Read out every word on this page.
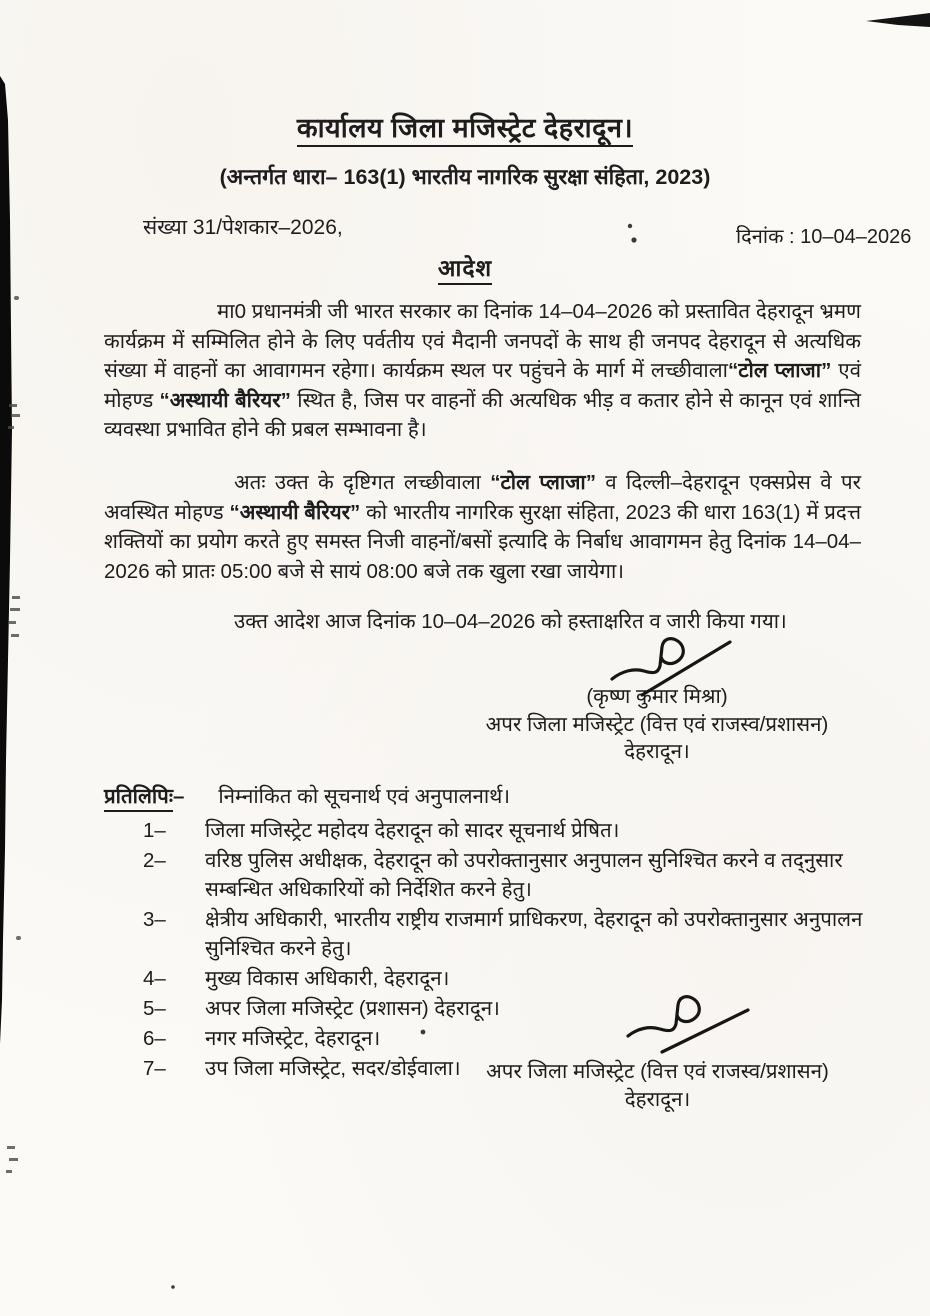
कार्यालय जिला मजिस्ट्रेट देहरादून।
(अन्तर्गत धारा– 163(1) भारतीय नागरिक सुरक्षा संहिता, 2023)
संख्या 31/पेशकार–2026,	दिनांक : 10–04–2026
आदेश

मा0 प्रधानमंत्री जी भारत सरकार का दिनांक 14–04–2026 को प्रस्तावित देहरादून भ्रमण कार्यक्रम में सम्मिलित होने के लिए पर्वतीय एवं मैदानी जनपदों के साथ ही जनपद देहरादून से अत्यधिक संख्या में वाहनों का आवागमन रहेगा। कार्यक्रम स्थल पर पहुंचने के मार्ग में लच्छीवाला“टोल प्लाजा” एवं मोहण्ड “अस्थायी बैरियर” स्थित है, जिस पर वाहनों की अत्यधिक भीड़ व कतार होने से कानून एवं शान्ति व्यवस्था प्रभावित होने की प्रबल सम्भावना है।

अतः उक्त के दृष्टिगत लच्छीवाला “टोल प्लाजा” व दिल्ली–देहरादून एक्सप्रेस वे पर अवस्थित मोहण्ड “अस्थायी बैरियर” को भारतीय नागरिक सुरक्षा संहिता, 2023 की धारा 163(1) में प्रदत्त शक्तियों का प्रयोग करते हुए समस्त निजी वाहनों/बसों इत्यादि के निर्बाध आवागमन हेतु दिनांक 14–04–2026 को प्रातः 05:00 बजे से सायं 08:00 बजे तक खुला रखा जायेगा।

उक्त आदेश आज दिनांक 10–04–2026 को हस्ताक्षरित व जारी किया गया।

(कृष्ण कुमार मिश्रा)
अपर जिला मजिस्ट्रेट (वित्त एवं राजस्व/प्रशासन)
देहरादून।
प्रतिलिपिः– निम्नांकित को सूचनार्थ एवं अनुपालनार्थ।
1–	जिला मजिस्ट्रेट महोदय देहरादून को सादर सूचनार्थ प्रेषित।
2–	वरिष्ठ पुलिस अधीक्षक, देहरादून को उपरोक्तानुसार अनुपालन सुनिश्चित करने व तद्नुसार सम्बन्धित अधिकारियों को निर्देशित करने हेतु।
3–	क्षेत्रीय अधिकारी, भारतीय राष्ट्रीय राजमार्ग प्राधिकरण, देहरादून को उपरोक्तानुसार अनुपालन सुनिश्चित करने हेतु।
4–	मुख्य विकास अधिकारी, देहरादून।
5–	अपर जिला मजिस्ट्रेट (प्रशासन) देहरादून।
6–	नगर मजिस्ट्रेट, देहरादून।
7–	उप जिला मजिस्ट्रेट, सदर/डोईवाला।	अपर जिला मजिस्ट्रेट (वित्त एवं राजस्व/प्रशासन)
देहरादून।
